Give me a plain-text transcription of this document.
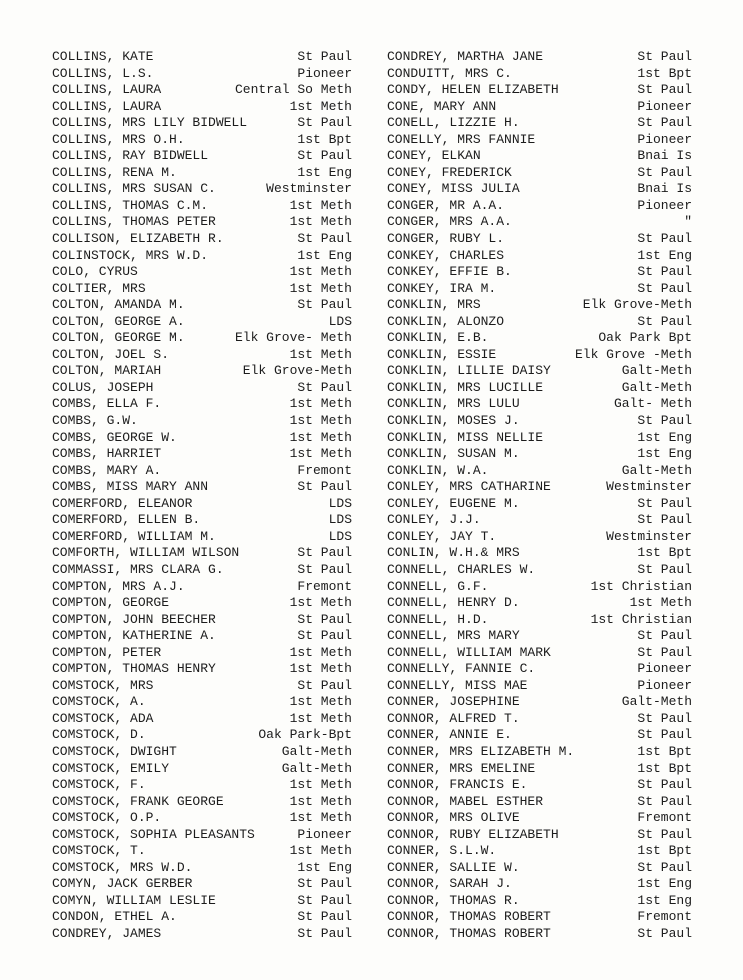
COLLINS, KATE	St Paul
COLLINS, L.S.	Pioneer
COLLINS, LAURA	Central So Meth
COLLINS, LAURA	1st Meth
COLLINS, MRS LILY BIDWELL	St Paul
COLLINS, MRS O.H.	1st Bpt
COLLINS, RAY BIDWELL	St Paul
COLLINS, RENA M.	1st Eng
COLLINS, MRS SUSAN C.	Westminster
COLLINS, THOMAS C.M.	1st Meth
COLLINS, THOMAS PETER	1st Meth
COLLISON, ELIZABETH R.	St Paul
COLINSTOCK, MRS W.D.	1st Eng
COLO, CYRUS	1st Meth
COLTIER, MRS	1st Meth
COLTON, AMANDA M.	St Paul
COLTON, GEORGE A.	LDS
COLTON, GEORGE M.	Elk Grove- Meth
COLTON, JOEL S.	1st Meth
COLTON, MARIAH	Elk Grove-Meth
COLUS, JOSEPH	St Paul
COMBS, ELLA F.	1st Meth
COMBS, G.W.	1st Meth
COMBS, GEORGE W.	1st Meth
COMBS, HARRIET	1st Meth
COMBS, MARY A.	Fremont
COMBS, MISS MARY ANN	St Paul
COMERFORD, ELEANOR	LDS
COMERFORD, ELLEN B.	LDS
COMERFORD, WILLIAM M.	LDS
COMFORTH, WILLIAM WILSON	St Paul
COMMASSI, MRS CLARA G.	St Paul
COMPTON, MRS A.J.	Fremont
COMPTON, GEORGE	1st Meth
COMPTON, JOHN BEECHER	St Paul
COMPTON, KATHERINE A.	St Paul
COMPTON, PETER	1st Meth
COMPTON, THOMAS HENRY	1st Meth
COMSTOCK, MRS	St Paul
COMSTOCK, A.	1st Meth
COMSTOCK, ADA	1st Meth
COMSTOCK, D.	Oak Park-Bpt
COMSTOCK, DWIGHT	Galt-Meth
COMSTOCK, EMILY	Galt-Meth
COMSTOCK, F.	1st Meth
COMSTOCK, FRANK GEORGE	1st Meth
COMSTOCK, O.P.	1st Meth
COMSTOCK, SOPHIA PLEASANTS	Pioneer
COMSTOCK, T.	1st Meth
COMSTOCK, MRS W.D.	1st Eng
COMYN, JACK GERBER	St Paul
COMYN, WILLIAM LESLIE	St Paul
CONDON, ETHEL A.	St Paul
CONDREY, JAMES	St Paul
CONDREY, MARTHA JANE	St Paul
CONDUITT, MRS C.	1st Bpt
CONDY, HELEN ELIZABETH	St Paul
CONE, MARY ANN	Pioneer
CONELL, LIZZIE H.	St Paul
CONELLY, MRS FANNIE	Pioneer
CONEY, ELKAN	Bnai Is
CONEY, FREDERICK	St Paul
CONEY, MISS JULIA	Bnai Is
CONGER, MR A.A.	Pioneer
CONGER, MRS A.A.	"
CONGER, RUBY L.	St Paul
CONKEY, CHARLES	1st Eng
CONKEY, EFFIE B.	St Paul
CONKEY, IRA M.	St Paul
CONKLIN, MRS	Elk Grove-Meth
CONKLIN, ALONZO	St Paul
CONKLIN, E.B.	Oak Park Bpt
CONKLIN, ESSIE	Elk Grove -Meth
CONKLIN, LILLIE DAISY	Galt-Meth
CONKLIN, MRS LUCILLE	Galt-Meth
CONKLIN, MRS LULU	Galt- Meth
CONKLIN, MOSES J.	St Paul
CONKLIN, MISS NELLIE	1st Eng
CONKLIN, SUSAN M.	1st Eng
CONKLIN, W.A.	Galt-Meth
CONLEY, MRS CATHARINE	Westminster
CONLEY, EUGENE M.	St Paul
CONLEY, J.J.	St Paul
CONLEY, JAY T.	Westminster
CONLIN, W.H.& MRS	1st Bpt
CONNELL, CHARLES W.	St Paul
CONNELL, G.F.	1st Christian
CONNELL, HENRY D.	1st Meth
CONNELL, H.D.	1st Christian
CONNELL, MRS MARY	St Paul
CONNELL, WILLIAM MARK	St Paul
CONNELLY, FANNIE C.	Pioneer
CONNELLY, MISS MAE	Pioneer
CONNER, JOSEPHINE	Galt-Meth
CONNOR, ALFRED T.	St Paul
CONNER, ANNIE E.	St Paul
CONNER, MRS ELIZABETH M.	1st Bpt
CONNER, MRS EMELINE	1st Bpt
CONNOR, FRANCIS E.	St Paul
CONNOR, MABEL ESTHER	St Paul
CONNOR, MRS OLIVE	Fremont
CONNOR, RUBY ELIZABETH	St Paul
CONNER, S.L.W.	1st Bpt
CONNER, SALLIE W.	St Paul
CONNOR, SARAH J.	1st Eng
CONNOR, THOMAS R.	1st Eng
CONNOR, THOMAS ROBERT	Fremont
CONNOR, THOMAS ROBERT	St Paul
